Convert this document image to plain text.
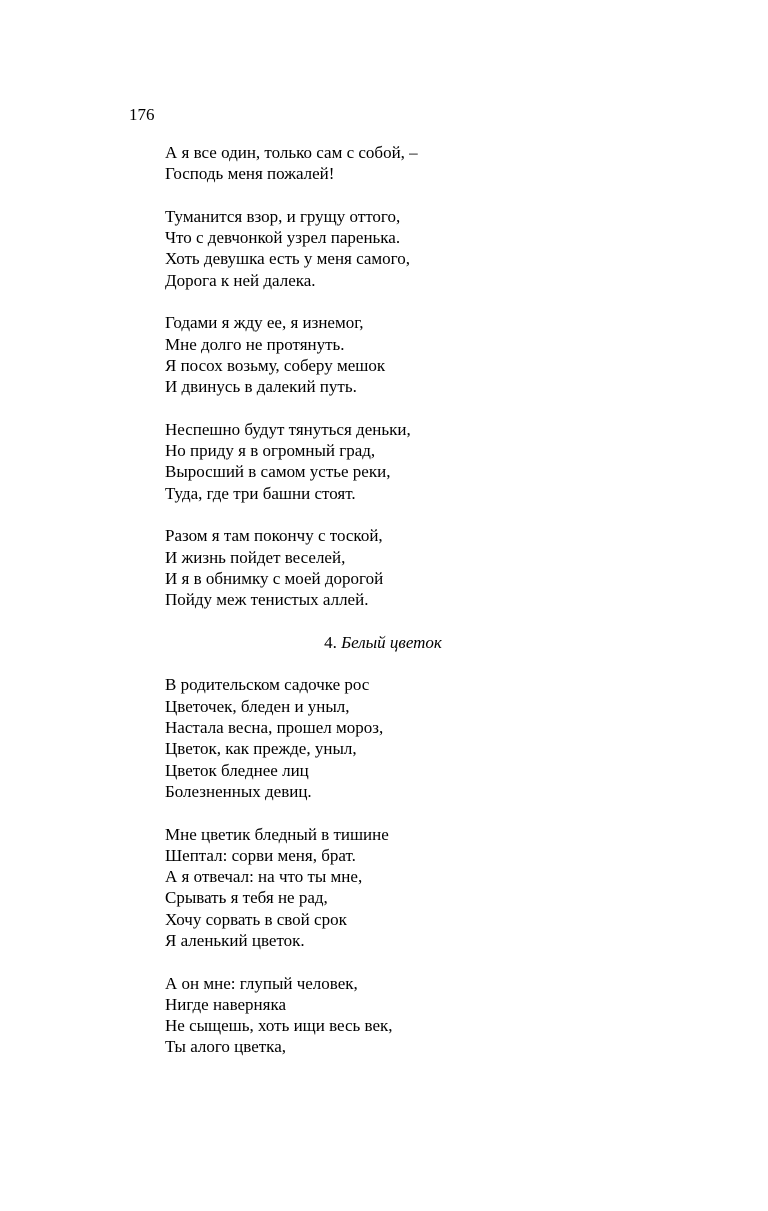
176
А я все один, только сам с собой, –
Господь меня пожалей!
Туманится взор, и грущу оттого,
Что с девчонкой узрел паренька.
Хоть девушка есть у меня самого,
Дорога к ней далека.
Годами я жду ее, я изнемог,
Мне долго не протянуть.
Я посох возьму, соберу мешок
И двинусь в далекий путь.
Неспешно будут тянуться деньки,
Но приду я в огромный град,
Выросший в самом устье реки,
Туда, где три башни стоят.
Разом я там покончу с тоской,
И жизнь пойдет веселей,
И я в обнимку с моей дорогой
Пойду меж тенистых аллей.
4. Белый цветок
В родительском садочке рос
Цветочек, бледен и уныл,
Настала весна, прошел мороз,
Цветок, как прежде, уныл,
Цветок бледнее лиц
Болезненных девиц.
Мне цветик бледный в тишине
Шептал: сорви меня, брат.
А я отвечал: на что ты мне,
Срывать я тебя не рад,
Хочу сорвать в свой срок
Я аленький цветок.
А он мне: глупый человек,
Нигде наверняка
Не сыщешь, хоть ищи весь век,
Ты алого цветка,
